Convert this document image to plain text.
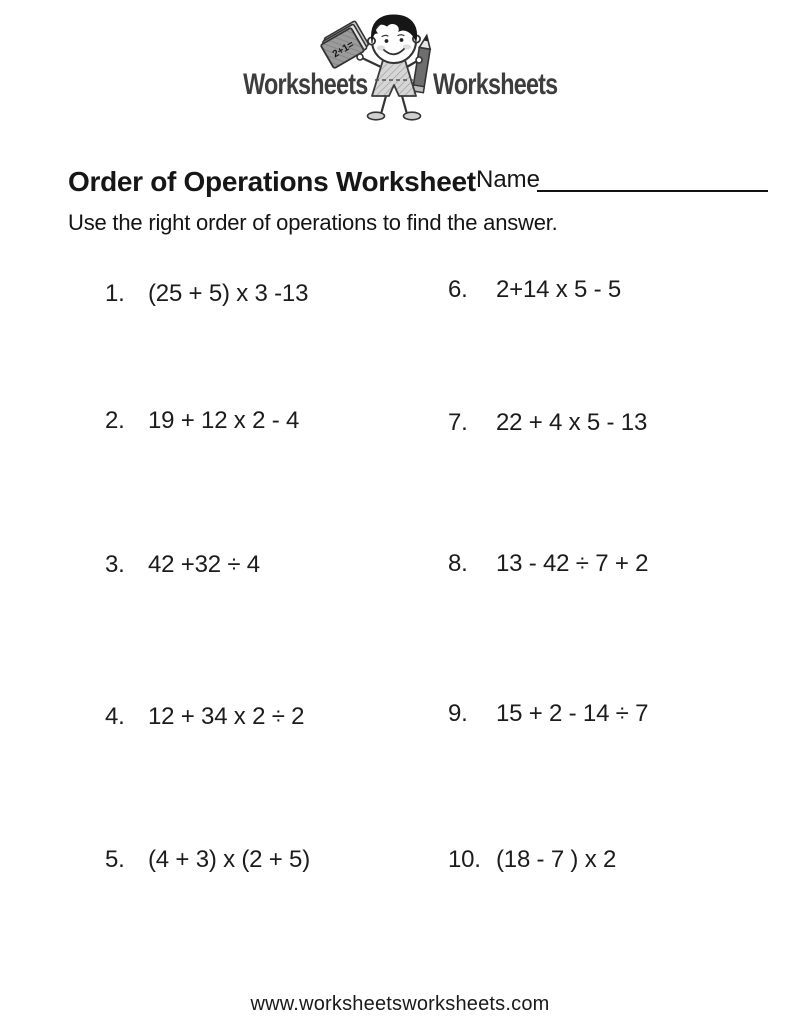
Worksheets Worksheets
2+1=
Order of Operations Worksheet Name
Use the right order of operations to find the answer.
1. (25 + 5) x 3 -13
2. 19 + 12 x 2 - 4
3. 42 +32 ÷ 4
4. 12 + 34 x 2 ÷ 2
5. (4 + 3) x (2 + 5)
6.	2+14 x 5 - 5
7.	22 + 4 x 5 - 13
8.	13 - 42 ÷ 7 + 2
9.	15 + 2 - 14 ÷ 7
10. (18 - 7 ) x 2
www.worksheetsworksheets.com
